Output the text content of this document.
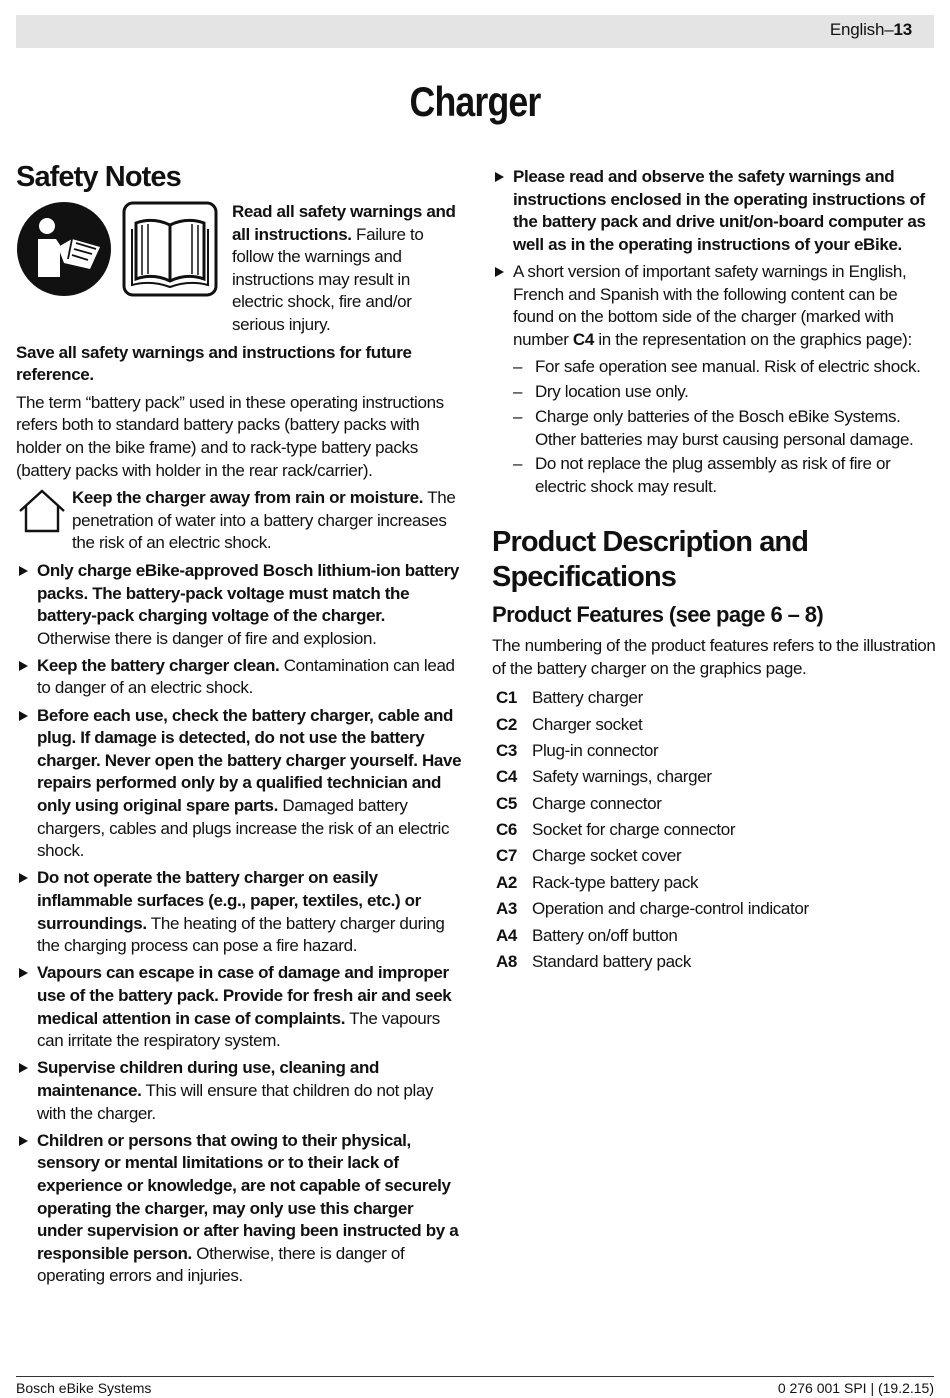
English–13
Charger
Safety Notes
Read all safety warnings and all instructions. Failure to follow the warnings and instructions may result in electric shock, fire and/or serious injury.

Save all safety warnings and instructions for future reference.

The term “battery pack” used in these operating instructions refers both to standard battery packs (battery packs with holder on the bike frame) and to rack-type battery packs (battery packs with holder in the rear rack/carrier).

Keep the charger away from rain or moisture. The penetration of water into a battery charger increases the risk of an electric shock.
Only charge eBike-approved Bosch lithium-ion battery packs. The battery-pack voltage must match the battery-pack charging voltage of the charger. Otherwise there is danger of fire and explosion.
Keep the battery charger clean. Contamination can lead to danger of an electric shock.
Before each use, check the battery charger, cable and plug. If damage is detected, do not use the battery charger. Never open the battery charger yourself. Have repairs performed only by a qualified technician and only using original spare parts. Damaged battery chargers, cables and plugs increase the risk of an electric shock.
Do not operate the battery charger on easily inflammable surfaces (e.g., paper, textiles, etc.) or surroundings. The heating of the battery charger during the charging process can pose a fire hazard.
Vapours can escape in case of damage and improper use of the battery pack. Provide for fresh air and seek medical attention in case of complaints. The vapours can irritate the respiratory system.
Supervise children during use, cleaning and maintenance. This will ensure that children do not play with the charger.
Children or persons that owing to their physical, sensory or mental limitations or to their lack of experience or knowledge, are not capable of securely operating the charger, may only use this charger under supervision or after having been instructed by a responsible person. Otherwise, there is danger of operating errors and injuries.
Please read and observe the safety warnings and instructions enclosed in the operating instructions of the battery pack and drive unit/on-board computer as well as in the operating instructions of your eBike.
A short version of important safety warnings in English, French and Spanish with the following content can be found on the bottom side of the charger (marked with number C4 in the representation on the graphics page):
– For safe operation see manual. Risk of electric shock.
– Dry location use only.
– Charge only batteries of the Bosch eBike Systems. Other batteries may burst causing personal damage.
– Do not replace the plug assembly as risk of fire or electric shock may result.
Product Description and Specifications
Product Features (see page 6 – 8)

The numbering of the product features refers to the illustration of the battery charger on the graphics page.

C1 Battery charger
C2 Charger socket
C3 Plug-in connector
C4 Safety warnings, charger
C5 Charge connector
C6 Socket for charge connector
C7 Charge socket cover
A2 Rack-type battery pack
A3 Operation and charge-control indicator
A4 Battery on/off button
A8 Standard battery pack
Bosch eBike Systems	0 276 001 SPI | (19.2.15)
